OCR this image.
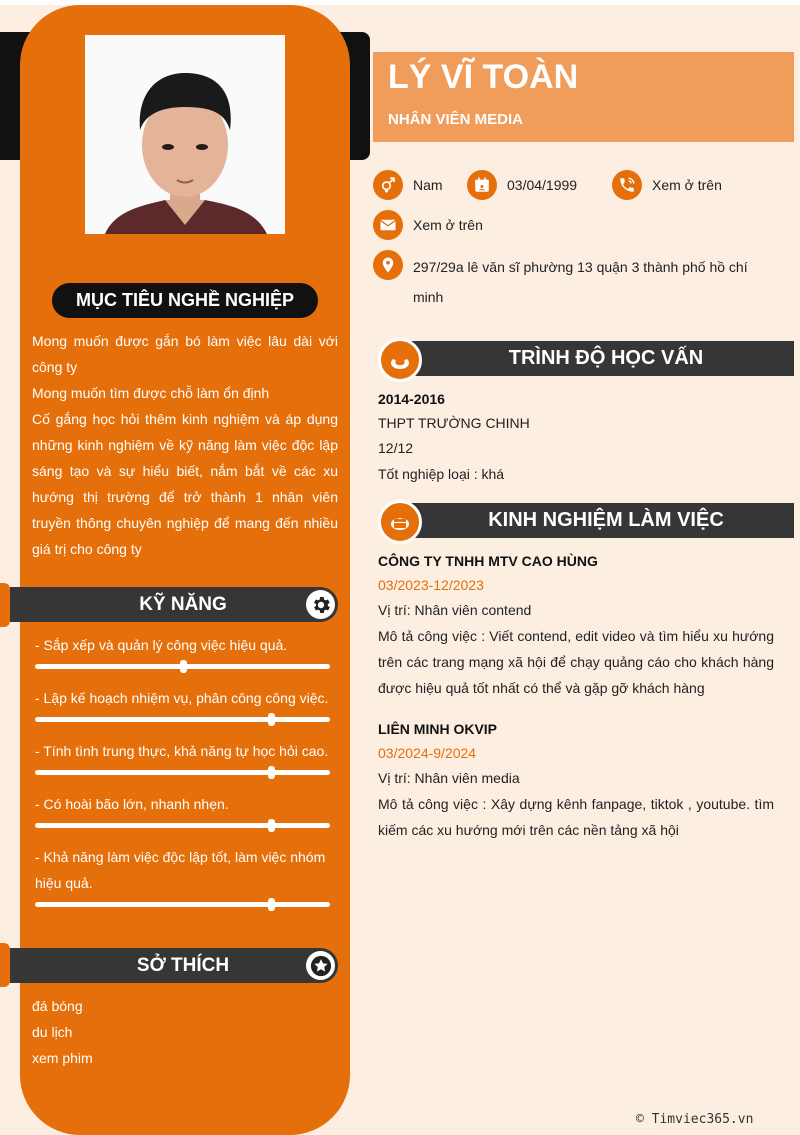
MỤC TIÊU NGHỀ NGHIỆP

Mong muốn được gắn bó làm việc lâu dài với công ty

Mong muốn tìm được chỗ làm ổn định

Cố gắng học hỏi thêm kinh nghiệm và áp dụng những kinh nghiệm về kỹ năng làm việc độc lập sáng tạo và sự hiểu biết, nắm bắt về các xu hướng thị trường để trở thành 1 nhân viên truyền thông chuyên nghiệp để mang đến nhiều giá trị cho công ty

KỸ NĂNG
- Sắp xếp và quản lý công việc hiệu quả.
- Lập kế hoạch nhiệm vụ, phân công công việc.
- Tính tình trung thực, khả năng tự học hỏi cao.
- Có hoài bão lớn, nhanh nhẹn.
- Khả năng làm việc độc lập tốt, làm việc nhóm hiệu quả.
SỞ THÍCH
đá bóng
du lịch
xem phim
LÝ VĨ TOÀN
NHÂN VIÊN MEDIA
Nam	03/04/1999	Xem ở trên
Xem ở trên
297/29a lê văn sĩ phường 13 quận 3 thành phố hồ chí minh
TRÌNH ĐỘ HỌC VẤN
2014-2016
THPT TRƯỜNG CHINH
12/12
Tốt nghiệp loại : khá
KINH NGHIỆM LÀM VIỆC
CÔNG TY TNHH MTV CAO HÙNG
03/2023-12/2023
Vị trí: Nhân viên contend
Mô tả công việc : Viết contend, edit video và tìm hiểu xu hướng trên các trang mạng xã hội để chạy quảng cáo cho khách hàng được hiệu quả tốt nhất có thể và gặp gỡ khách hàng
LIÊN MINH OKVIP
03/2024-9/2024
Vị trí: Nhân viên media
Mô tả công việc : Xây dựng kênh fanpage, tiktok , youtube. tìm kiếm các xu hướng mới trên các nền tảng xã hội
© Timviec365.vn
